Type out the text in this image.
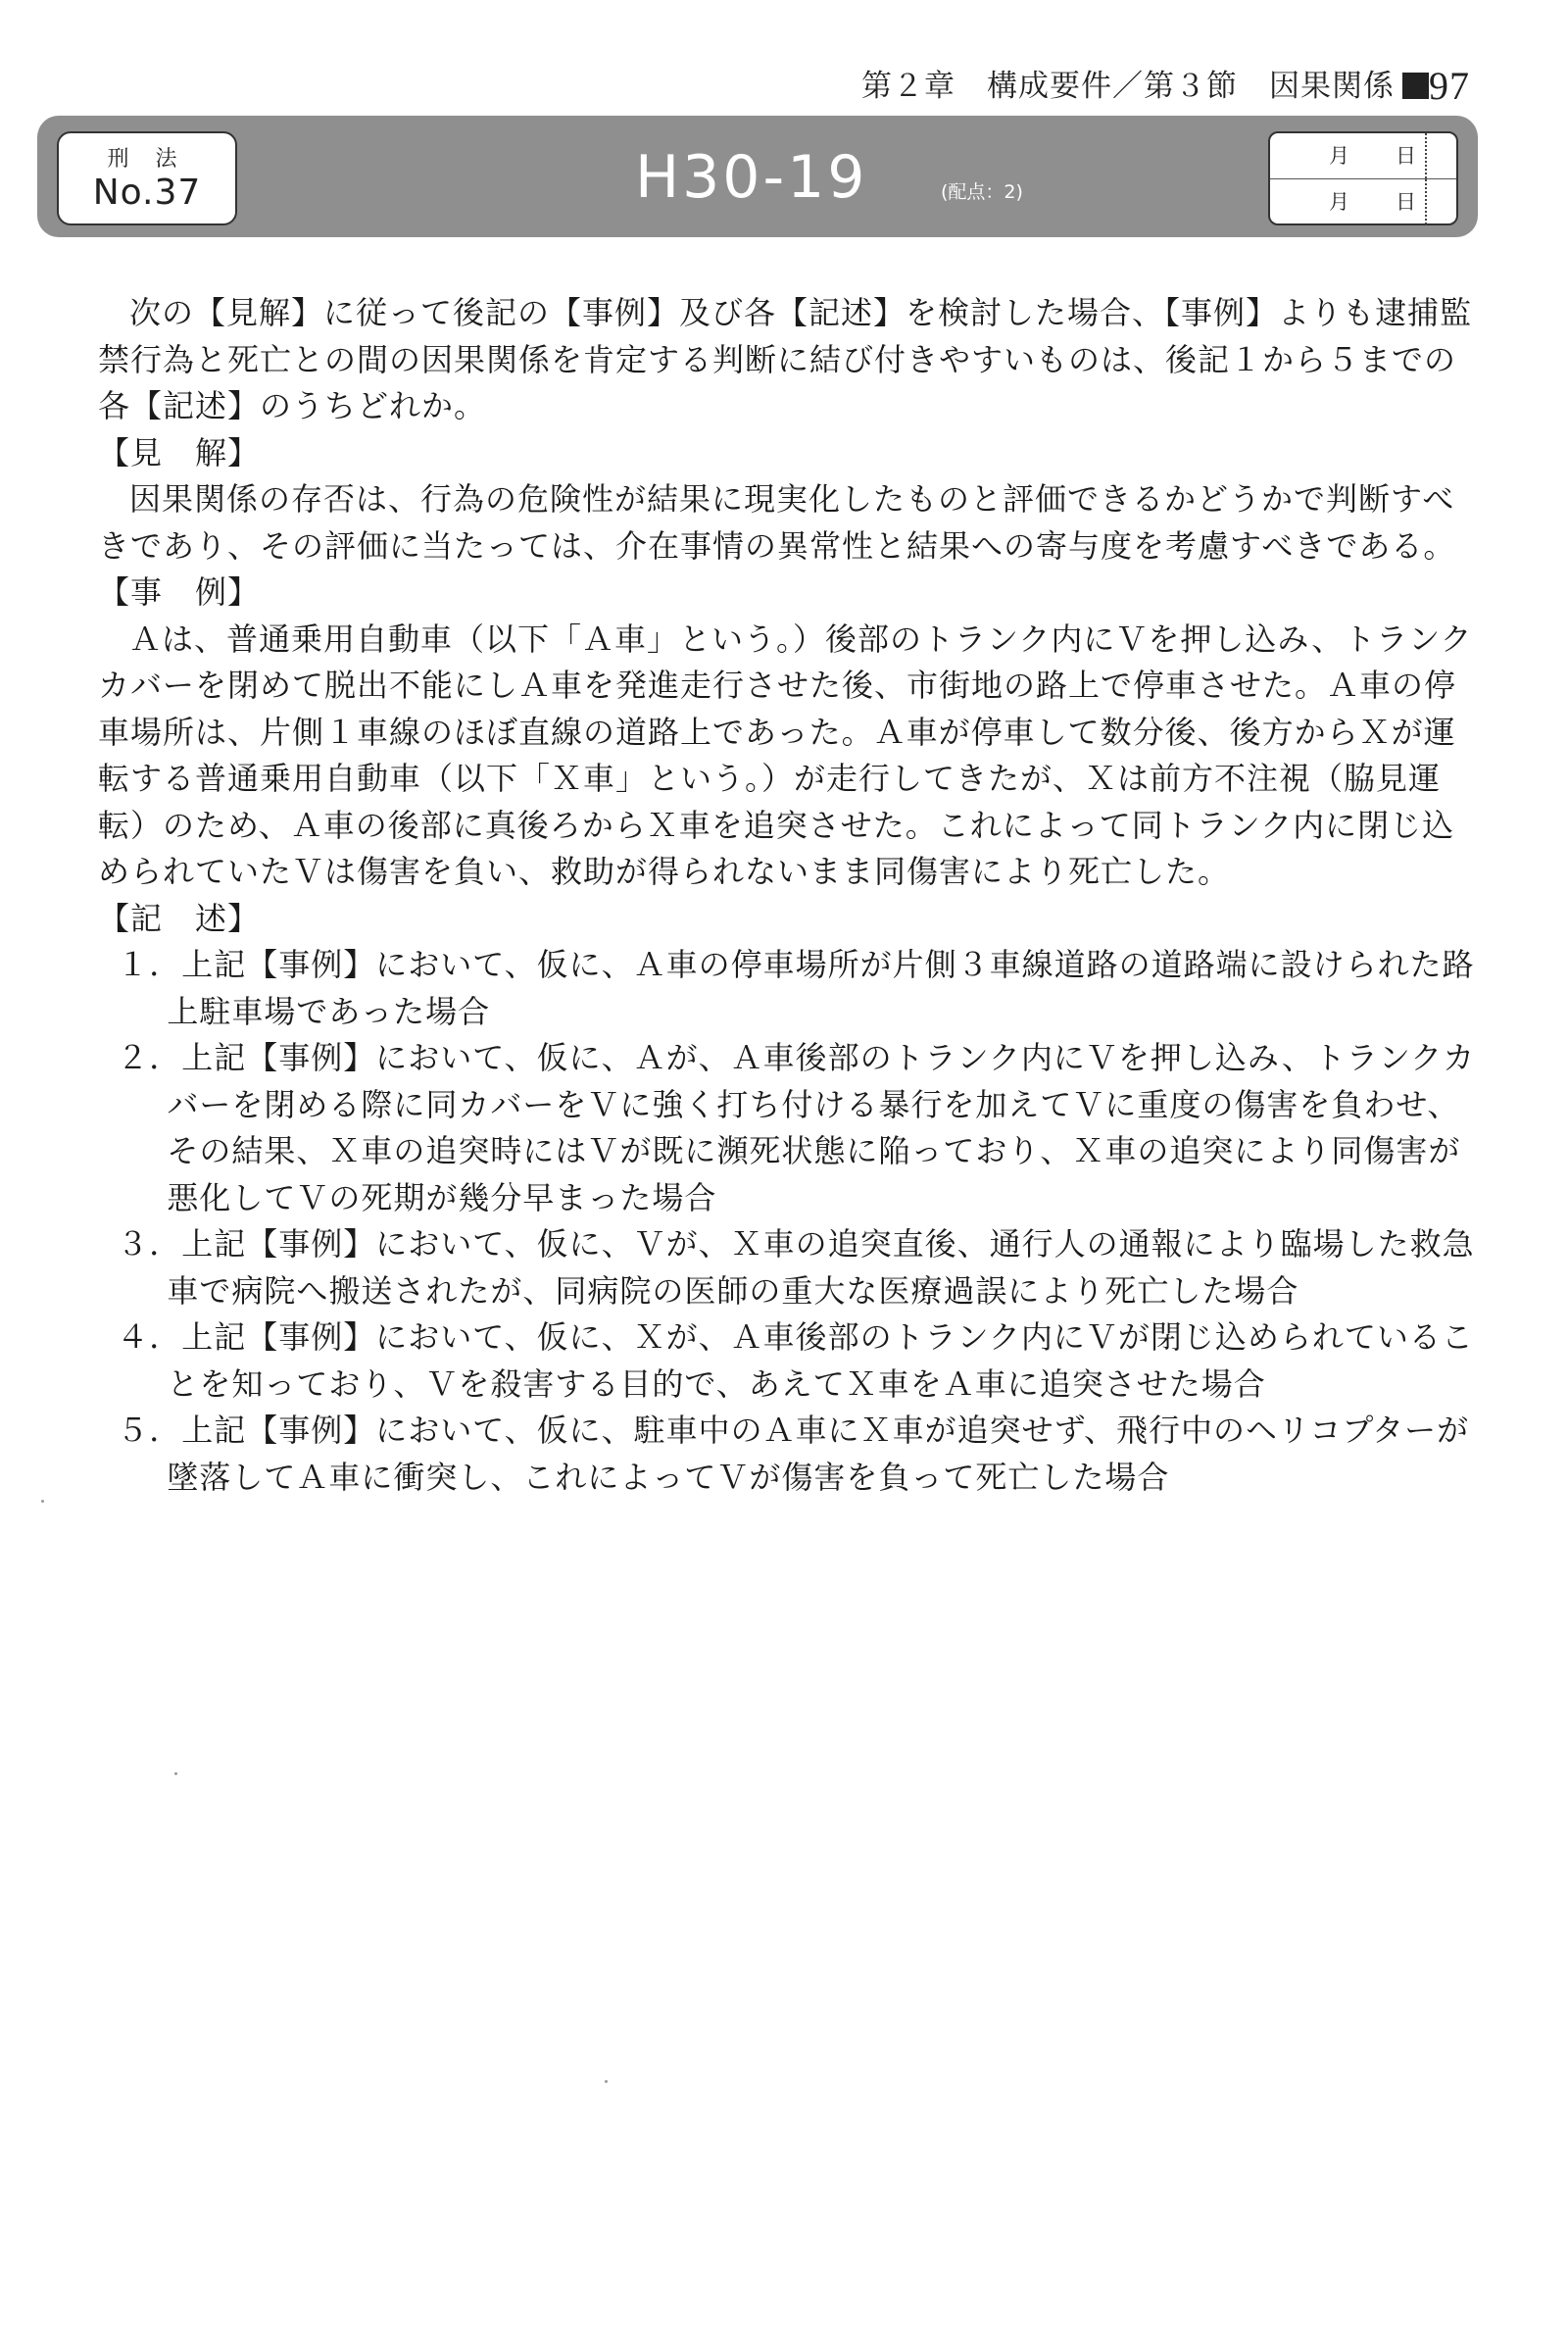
第２章　構成要件／第３節　因果関係 97
刑 法
No.37	H30-19	(配点：2)
月 日
月 日

次の【見解】に従って後記の【事例】及び各【記述】を検討した場合、【事例】よりも逮捕監禁行為と死亡との間の因果関係を肯定する判断に結び付きやすいものは、後記１から５までの各【記述】のうちどれか。

【見　解】

因果関係の存否は、行為の危険性が結果に現実化したものと評価できるかどうかで判断すべきであり、その評価に当たっては、介在事情の異常性と結果への寄与度を考慮すべきである。

【事　例】

Ａは、普通乗用自動車（以下「Ａ車」という。）後部のトランク内にＶを押し込み、トランクカバーを閉めて脱出不能にしＡ車を発進走行させた後、市街地の路上で停車させた。Ａ車の停車場所は、片側１車線のほぼ直線の道路上であった。Ａ車が停車して数分後、後方からＸが運転する普通乗用自動車（以下「Ｘ車」という。）が走行してきたが、Ｘは前方不注視（脇見運転）のため、Ａ車の後部に真後ろからＸ車を追突させた。これによって同トランク内に閉じ込められていたＶは傷害を負い、救助が得られないまま同傷害により死亡した。

【記　述】

１．上記【事例】において、仮に、Ａ車の停車場所が片側３車線道路の道路端に設けられた路上駐車場であった場合

２．上記【事例】において、仮に、Ａが、Ａ車後部のトランク内にＶを押し込み、トランクカバーを閉める際に同カバーをＶに強く打ち付ける暴行を加えてＶに重度の傷害を負わせ、その結果、Ｘ車の追突時にはＶが既に瀕死状態に陥っており、Ｘ車の追突により同傷害が悪化してＶの死期が幾分早まった場合

３．上記【事例】において、仮に、Ｖが、Ｘ車の追突直後、通行人の通報により臨場した救急車で病院へ搬送されたが、同病院の医師の重大な医療過誤により死亡した場合

４．上記【事例】において、仮に、Ｘが、Ａ車後部のトランク内にＶが閉じ込められていることを知っており、Ｖを殺害する目的で、あえてＸ車をＡ車に追突させた場合

５．上記【事例】において、仮に、駐車中のＡ車にＸ車が追突せず、飛行中のヘリコプターが墜落してＡ車に衝突し、これによってＶが傷害を負って死亡した場合
